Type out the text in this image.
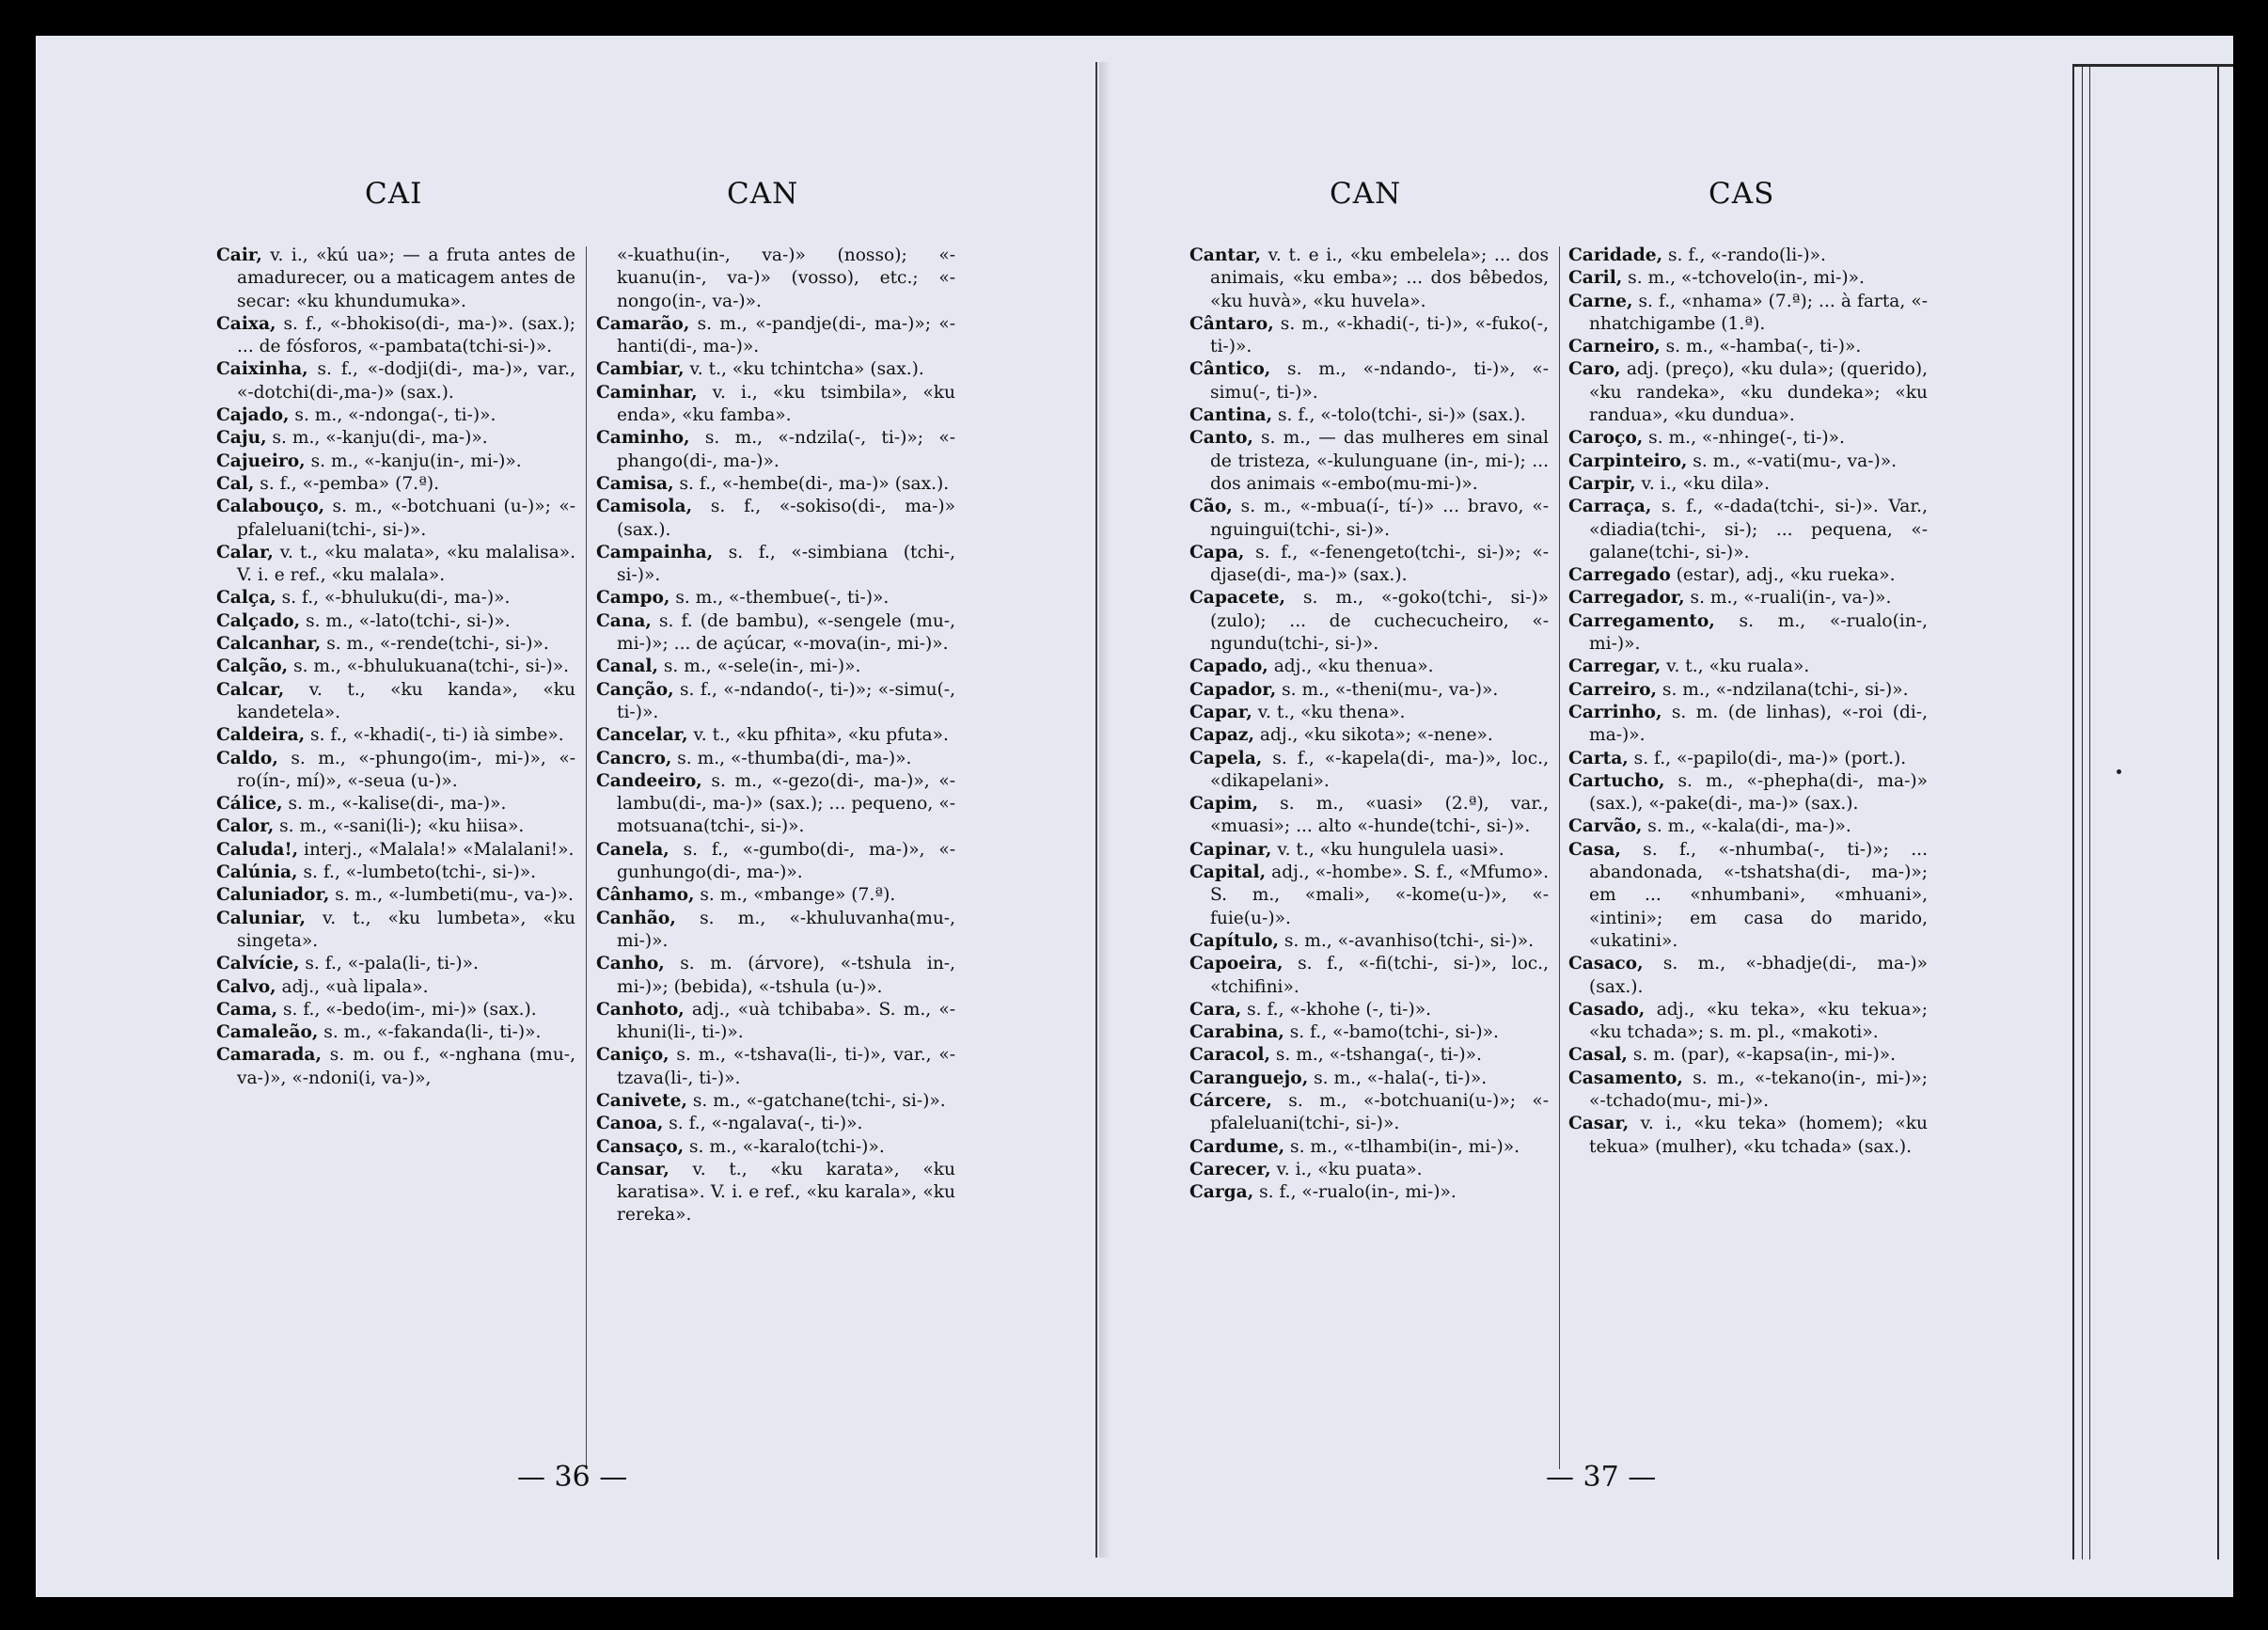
CAI	CAN
Cair, v. i., «kú ua»; — a fruta antes de amadurecer, ou a maticagem antes de secar: «ku khundumuka».
Caixa, s. f., «-bhokiso(di-, ma-)». (sax.); ... de fósforos, «-pambata(tchi-si-)».
Caixinha, s. f., «-dodji(di-, ma-)», var., «-dotchi(di-,ma-)» (sax.).
Cajado, s. m., «-ndonga(-, ti-)».
Caju, s. m., «-kanju(di-, ma-)».
Cajueiro, s. m., «-kanju(in-, mi-)».
Cal, s. f., «-pemba» (7.ª).
Calabouço, s. m., «-botchuani (u-)»; «-pfaleluani(tchi-, si-)».
Calar, v. t., «ku malata», «ku malalisa». V. i. e ref., «ku malala».
Calça, s. f., «-bhuluku(di-, ma-)».
Calçado, s. m., «-lato(tchi-, si-)».
Calcanhar, s. m., «-rende(tchi-, si-)».
Calção, s. m., «-bhulukuana(tchi-, si-)».
Calcar, v. t., «ku kanda», «ku kandetela».
Caldeira, s. f., «-khadi(-, ti-) ià simbe».
Caldo, s. m., «-phungo(im-, mi-)», «-ro(ín-, mí)», «-seua (u-)».
Cálice, s. m., «-kalise(di-, ma-)».
Calor, s. m., «-sani(li-); «ku hiisa».
Caluda!, interj., «Malala!» «Malalani!».
Calúnia, s. f., «-lumbeto(tchi-, si-)».
Caluniador, s. m., «-lumbeti(mu-, va-)».
Caluniar, v. t., «ku lumbeta», «ku singeta».
Calvície, s. f., «-pala(li-, ti-)».
Calvo, adj., «uà lipala».
Cama, s. f., «-bedo(im-, mi-)» (sax.).
Camaleão, s. m., «-fakanda(li-, ti-)».
Camarada, s. m. ou f., «-nghana (mu-, va-)», «-ndoni(i, va-)»,
«-kuathu(in-, va-)» (nosso); «-kuanu(in-, va-)» (vosso), etc.; «-nongo(in-, va-)».
Camarão, s. m., «-pandje(di-, ma-)»; «-hanti(di-, ma-)».
Cambiar, v. t., «ku tchintcha» (sax.).
Caminhar, v. i., «ku tsimbila», «ku enda», «ku famba».
Caminho, s. m., «-ndzila(-, ti-)»; «-phango(di-, ma-)».
Camisa, s. f., «-hembe(di-, ma-)» (sax.).
Camisola, s. f., «-sokiso(di-, ma-)» (sax.).
Campainha, s. f., «-simbiana (tchi-, si-)».
Campo, s. m., «-thembue(-, ti-)».
Cana, s. f. (de bambu), «-sengele (mu-, mi-)»; ... de açúcar, «-mova(in-, mi-)».
Canal, s. m., «-sele(in-, mi-)».
Canção, s. f., «-ndando(-, ti-)»; «-simu(-, ti-)».
Cancelar, v. t., «ku pfhita», «ku pfuta».
Cancro, s. m., «-thumba(di-, ma-)».
Candeeiro, s. m., «-gezo(di-, ma-)», «-lambu(di-, ma-)» (sax.); ... pequeno, «-motsuana(tchi-, si-)».
Canela, s. f., «-gumbo(di-, ma-)», «-gunhungo(di-, ma-)».
Cânhamo, s. m., «mbange» (7.ª).
Canhão, s. m., «-khuluvanha(mu-, mi-)».
Canho, s. m. (árvore), «-tshula in-, mi-)»; (bebida), «-tshula (u-)».
Canhoto, adj., «uà tchibaba». S. m., «-khuni(li-, ti-)».
Caniço, s. m., «-tshava(li-, ti-)», var., «-tzava(li-, ti-)».
Canivete, s. m., «-gatchane(tchi-, si-)».
Canoa, s. f., «-ngalava(-, ti-)».
Cansaço, s. m., «-karalo(tchi-)».
Cansar, v. t., «ku karata», «ku karatisa». V. i. e ref., «ku karala», «ku rereka».
— 36 —
CAN	CAS
Cantar, v. t. e i., «ku embelela»; ... dos animais, «ku emba»; ... dos bêbedos, «ku huvà», «ku huvela».
Cântaro, s. m., «-khadi(-, ti-)», «-fuko(-, ti-)».
Cântico, s. m., «-ndando-, ti-)», «-simu(-, ti-)».
Cantina, s. f., «-tolo(tchi-, si-)» (sax.).
Canto, s. m., — das mulheres em sinal de tristeza, «-kulunguane (in-, mi-); ... dos animais «-embo(mu-mi-)».
Cão, s. m., «-mbua(í-, tí-)» ... bravo, «-nguingui(tchi-, si-)».
Capa, s. f., «-fenengeto(tchi-, si-)»; «-djase(di-, ma-)» (sax.).
Capacete, s. m., «-goko(tchi-, si-)» (zulo); ... de cuchecucheiro, «-ngundu(tchi-, si-)».
Capado, adj., «ku thenua».
Capador, s. m., «-theni(mu-, va-)».
Capar, v. t., «ku thena».
Capaz, adj., «ku sikota»; «-nene».
Capela, s. f., «-kapela(di-, ma-)», loc., «dikapelani».
Capim, s. m., «uasi» (2.ª), var., «muasi»; ... alto «-hunde(tchi-, si-)».
Capinar, v. t., «ku hungulela uasi».
Capital, adj., «-hombe». S. f., «Mfumo». S. m., «mali», «-kome(u-)», «-fuie(u-)».
Capítulo, s. m., «-avanhiso(tchi-, si-)».
Capoeira, s. f., «-fi(tchi-, si-)», loc., «tchifini».
Cara, s. f., «-khohe (-, ti-)».
Carabina, s. f., «-bamo(tchi-, si-)».
Caracol, s. m., «-tshanga(-, ti-)».
Caranguejo, s. m., «-hala(-, ti-)».
Cárcere, s. m., «-botchuani(u-)»; «-pfaleluani(tchi-, si-)».
Cardume, s. m., «-tlhambi(in-, mi-)».
Carecer, v. i., «ku puata».
Carga, s. f., «-rualo(in-, mi-)».
Caridade, s. f., «-rando(li-)».
Caril, s. m., «-tchovelo(in-, mi-)».
Carne, s. f., «nhama» (7.ª); ... à farta, «-nhatchigambe (1.ª).
Carneiro, s. m., «-hamba(-, ti-)».
Caro, adj. (preço), «ku dula»; (querido), «ku randeka», «ku dundeka»; «ku randua», «ku dundua».
Caroço, s. m., «-nhinge(-, ti-)».
Carpinteiro, s. m., «-vati(mu-, va-)».
Carpir, v. i., «ku dila».
Carraça, s. f., «-dada(tchi-, si-)». Var., «diadia(tchi-, si-); ... pequena, «-galane(tchi-, si-)».
Carregado (estar), adj., «ku rueka».
Carregador, s. m., «-ruali(in-, va-)».
Carregamento, s. m., «-rualo(in-, mi-)».
Carregar, v. t., «ku ruala».
Carreiro, s. m., «-ndzilana(tchi-, si-)».
Carrinho, s. m. (de linhas), «-roi (di-, ma-)».
Carta, s. f., «-papilo(di-, ma-)» (port.).
Cartucho, s. m., «-phepha(di-, ma-)» (sax.), «-pake(di-, ma-)» (sax.).
Carvão, s. m., «-kala(di-, ma-)».
Casa, s. f., «-nhumba(-, ti-)»; ... abandonada, «-tshatsha(di-, ma-)»; em ... «nhumbani», «mhuani», «intini»; em casa do marido, «ukatini».
Casaco, s. m., «-bhadje(di-, ma-)» (sax.).
Casado, adj., «ku teka», «ku tekua»; «ku tchada»; s. m. pl., «makoti».
Casal, s. m. (par), «-kapsa(in-, mi-)».
Casamento, s. m., «-tekano(in-, mi-)»; «-tchado(mu-, mi-)».
Casar, v. i., «ku teka» (homem); «ku tekua» (mulher), «ku tchada» (sax.).
— 37 —
